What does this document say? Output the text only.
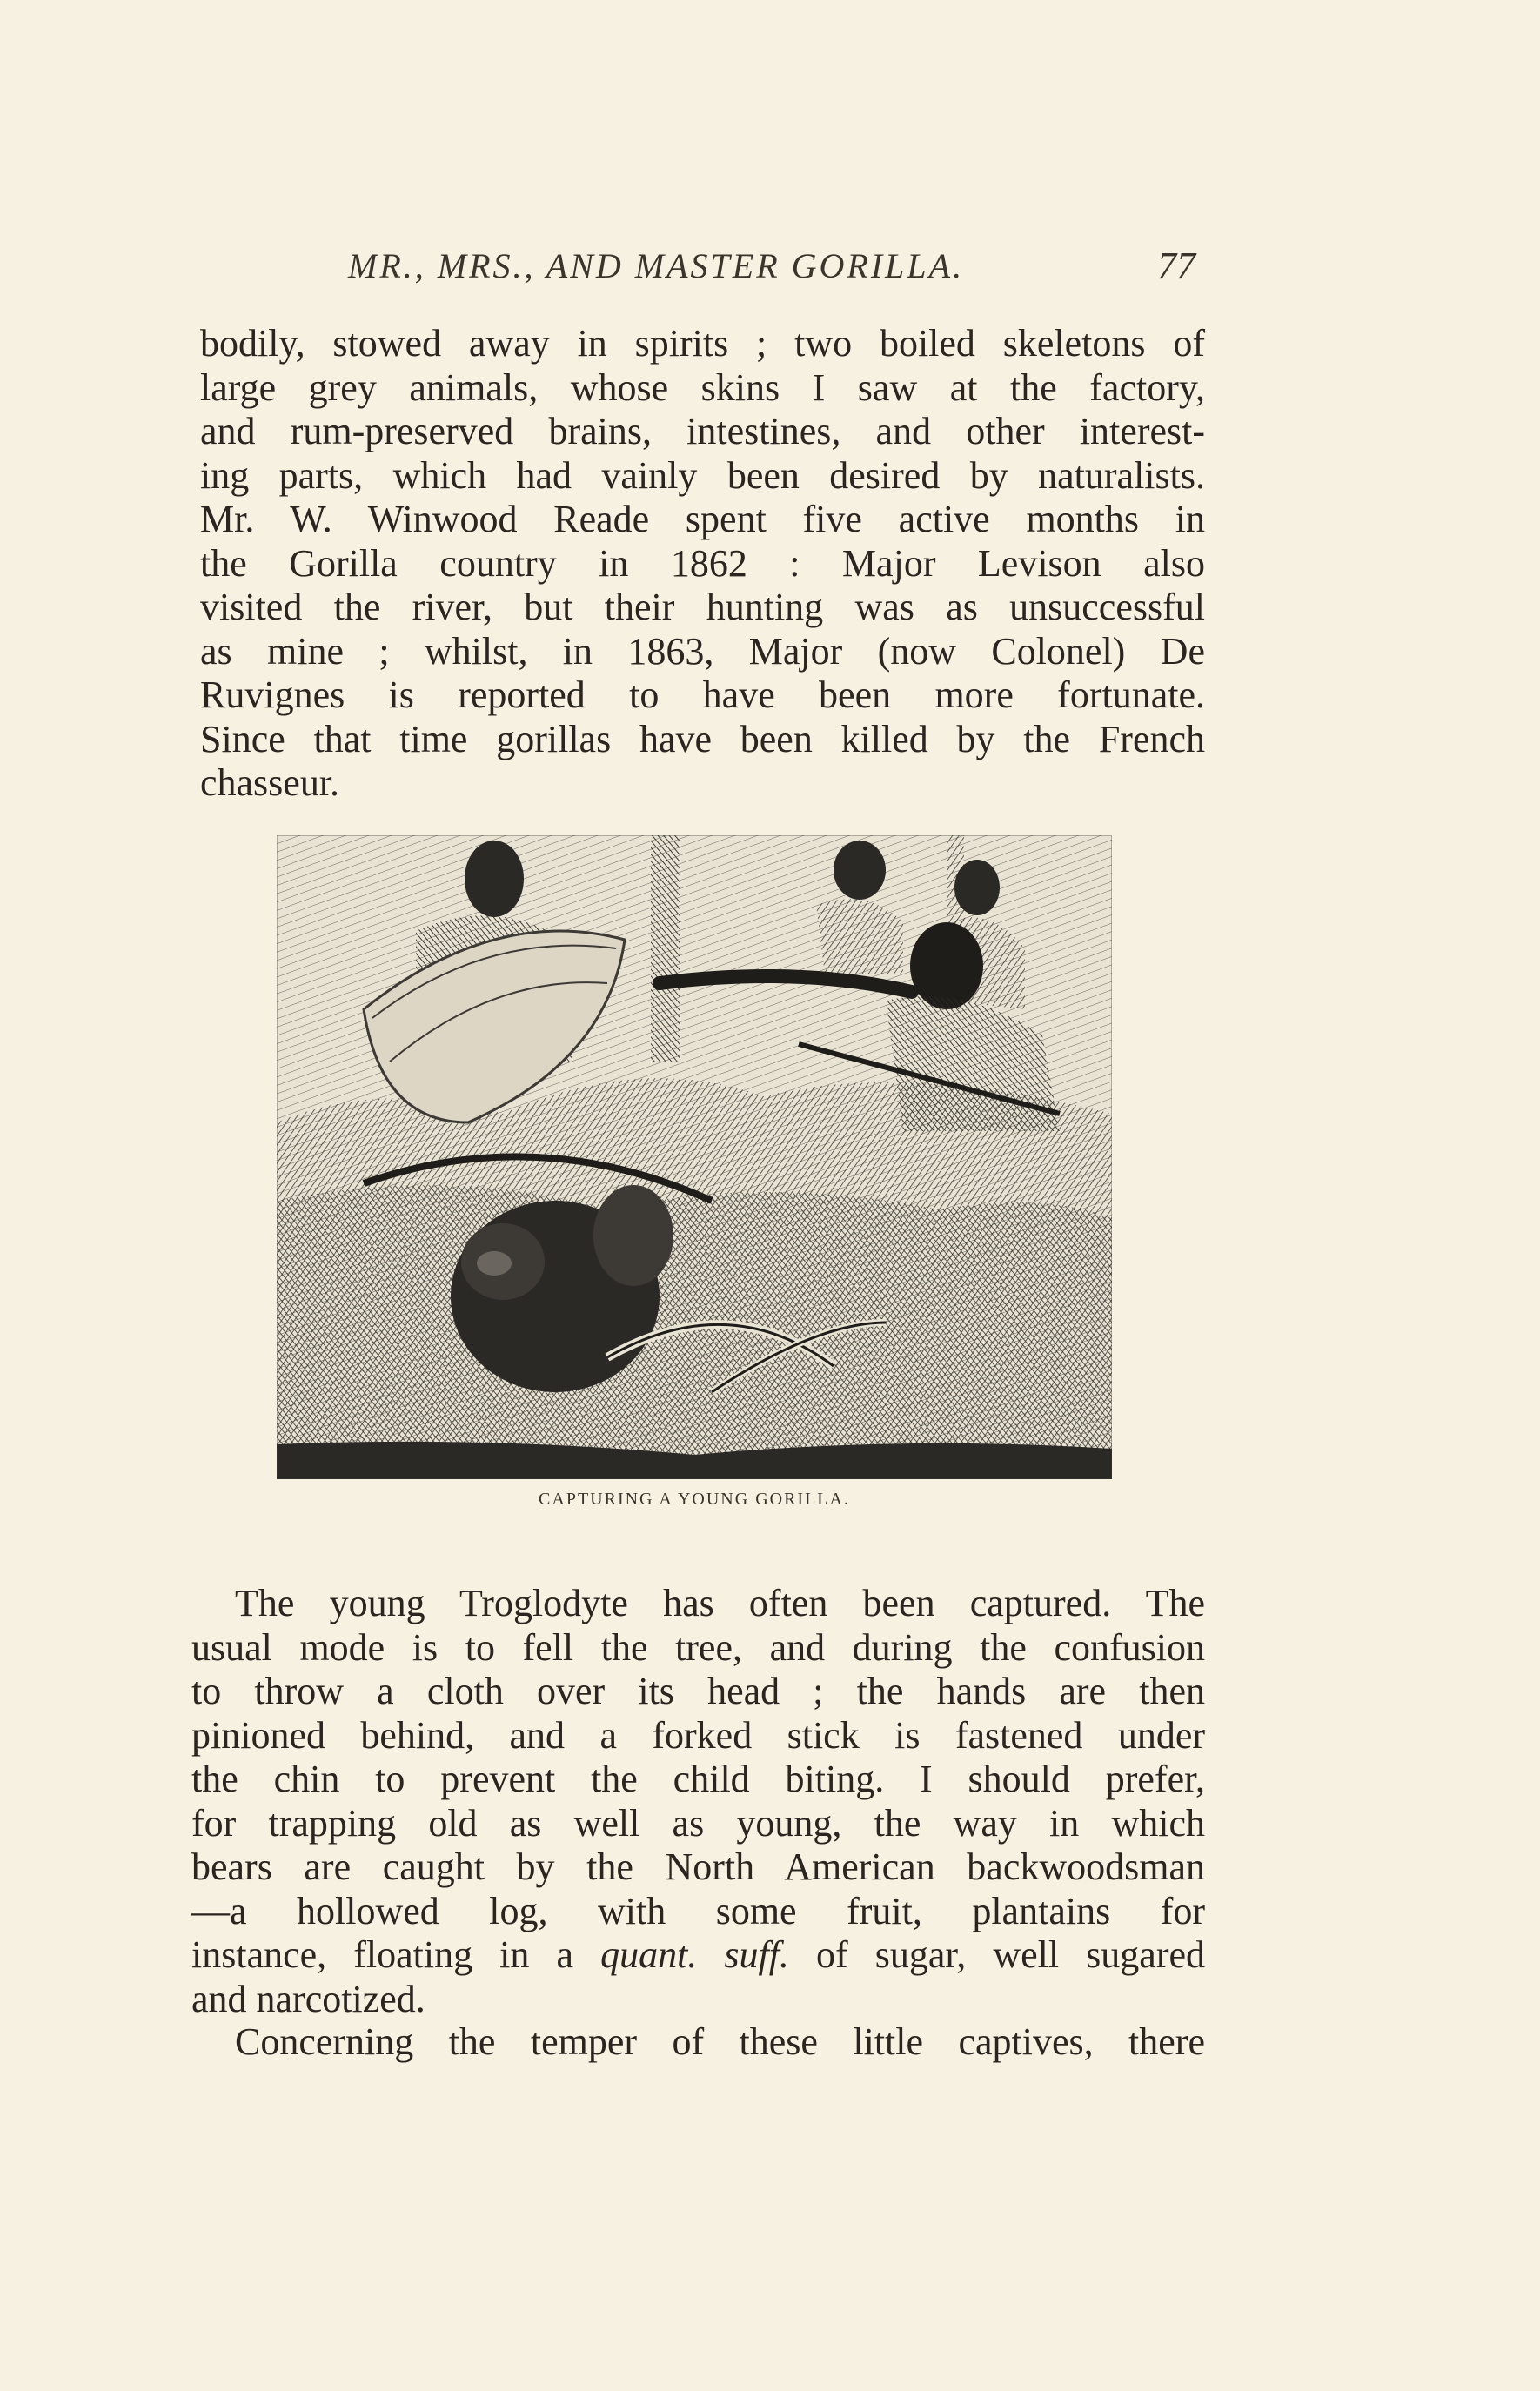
MR., MRS., AND MASTER GORILLA.	77
bodily, stowed away in spirits ; two boiled skeletons of
large grey animals, whose skins I saw at the factory,
and rum-preserved brains, intestines, and other interest-
ing parts, which had vainly been desired by naturalists.
Mr. W. Winwood Reade spent five active months in
the Gorilla country in 1862 : Major Levison also
visited the river, but their hunting was as unsuccessful
as mine ; whilst, in 1863, Major (now Colonel) De
Ruvignes is reported to have been more fortunate.
Since that time gorillas have been killed by the French
chasseur.
CAPTURING A YOUNG GORILLA.
The young Troglodyte has often been captured. The
usual mode is to fell the tree, and during the confusion
to throw a cloth over its head ; the hands are then
pinioned behind, and a forked stick is fastened under
the chin to prevent the child biting. I should prefer,
for trapping old as well as young, the way in which
bears are caught by the North American backwoodsman
—a hollowed log, with some fruit, plantains for
instance, floating in a quant. suff. of sugar, well sugared
and narcotized.
Concerning the temper of these little captives, there
